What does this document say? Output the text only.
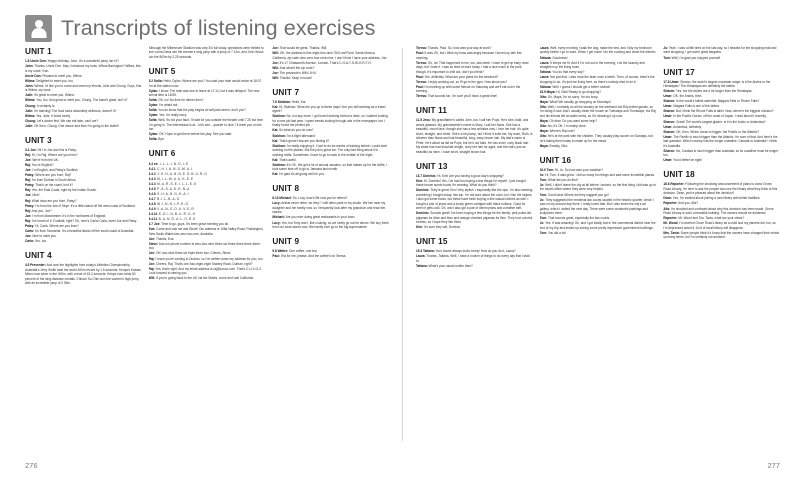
Transcripts of listening exercises
UNIT 1

1.6 Uncle Don: Happy birthday, John. It's a wonderful party, isn't it?

John: Thanks, Uncle Don. May I introduce my boss, Wilma Barrington? Wilma, this is my uncle, Don.

Uncle Don: Pleased to meet you, Wilma.

Wilma: Delighted to meet you, too.

John: Wilma, I'd like you to come and meet my friends, Julie and Chung. Guys, this is Wilma, my boss.

Julie: It's great to meet you, Wilma.

Wilma: You, too. And great to meet you, Chung. The band's great, isn't it?

Chung: It certainly is.

Julie: I'm starving! The food looks absolutely delicious, doesn't it?

Wilma: Yes, Julie. It looks lovely.

Chung: Let's dance first. We can eat later, can't we?

Julie: OK then, Chung. One dance and then I'm going to the buffet!

UNIT 3

3.4 Joe: Hi! I'm Joe and this is Patsy.

Raj: Hi, I'm Raj. Where are you from?

Joe: We're from the UK.

Raj: You're English?

Joe: I'm English, and Patsy's Scottish.

Patsy: Where are you from, Raj?

Raj: I'm from Durban in South Africa.

Patsy: That's on the coast, isn't it?

Raj: Yes, the East Coast, right by the Indian Ocean.

Joe: Nice!

Raj: What town are you from, Patsy?

Patsy: I'm from the Isle of Skye. It's a little island off the west coast of Scotland.

Raj: And you, Joe?

Joe: I'm from Manchester. It's in the northwest of England.

Raj: I've heard of it. Football, right? Oh, here's Carla! Carla, meet Joe and Patsy.

Patsy: Hi, Carla. Where are you from?

Carla: I'm from Tasmania. It's a beautiful island off the south coast of Australia.

Joe: Nice to meet you.

Carla: You, too.

UNIT 4

4.5 Presenter: And now the highlights from today's Athletics Championship. Australia's Jerry Smith beat the world 400m record by 1.5 seconds. Kenya's Kamau Mbuni won silver in the 400m, with a time of 43.4 seconds. Kenya now holds 50 percent of the long-distance medals. China's Su Chin won the women's high jump, with an incredible jump of 2.05m.

Although the Millennium Stadium was only 3/4 full today, spectators were thrilled to see Lorna Davis win the women's long jump with a jump of 7.12m, and John Wood win the 800m by 2.25 seconds.

UNIT 5

5.2 Sofia: Hello, Dylan. Where are you? You said your train would arrive at 18:07. I'm at the station now.

Dylan: I know. The train was due to leave at 17:14, but it was delayed. The new arrival time is 18:55.

Sofia: OK, no! No time for dinner then?

Dylan: I'm afraid not.

Sofia: You do know that the play begins at half past seven, don't you?

Dylan: Yes. I'm really sorry.

Sofia: Well, it's not your fault. I'll wait for you outside the theater until 7.25 but then I'm going in. The intermission's at... let's see... quarter to nine. I'll meet you on the bar.

Dylan: OK. Hope to get there before the play. See you later.

Sofia: Bye.

UNIT 6

6.4 ex: I-L-L-I-N-O-I-S

6.4.1 C-H-I-A-N-G-M-A-I

6.4.2 J-O-H-A-N-N-E-S-B-U-R-G

6.4.3 M-I-L-W-A-U-K-E-E

6.4.4 M-A-R-S-E-I-L-L-E-S

6.4.5 P-A-S-A-D-E-N-A

6.4.6 S-H-A-N-G-H-A-I

6.4.7 B-I-L-B-A-O

6.4.8 W-I-N-N-I-P-E-G

6.4.9 V-A-N-C-O-U-V-E-R

6.4.10 E-D-I-N-B-U-R-G-H

6.4.11 B-A-N-G-A-L-O-R-E

6.7 Joe: Time to go, guys. It's been great meeting you all.

Eva: Come and visit me and Steve! Our address is 108a Valley Road, Paddington, New South Wales two-zero-two-one, Australia.

Joe: Thanks, Eva.

Steve: And our phone number is zero-two-nine-three-six-three-three-three-three-two.

Joe: OK: two-nine-three-six triple three two. Cheers, Steve.

Raj: I know you're coming to Durban, so I've written down my address for you, too.

Joe: Cheers, Raj. That's one-four-eight-eight Stanley Road, Durban, right?

Raj: Yes, that's right. And my email address is raj@cuvox.com. That's C-U-V-O-X. Look forward to seeing you.

Will: If you're going back to the UK via the States, come and visit California.

Joe: That would be great. Thanks, Will.

Will: OK, the address is five-eight-four-nine Old Leaf Point, Santa Monica, California, zip code nine-zero-four-nine-nine. I don't think I have your address, Joe.

Joe: It's 17 Chatsworth Avenue, London. That's C-H-A-T-S-W-O-R-T-H.

Will: And what's the zip code?

Joe: The postcode's NW4 1HU.

Will: Thanks. Keep in touch!

UNIT 7

7.6 Siobhan: Hello, Kai.

Kai: Hi, Siobhan. What are you up to these days? Are you still working as a travel agent?

Siobhan: No, not any more. I got bored working behind a desk, so I started looking for a new job last year. I spent weeks looking through ads in the newspaper, but I finally found the perfect job.

Kai: So what do you do now?

Siobhan: I'm a flight attendant.

Kai: That's great! How are you finding it?

Siobhan: I'm really enjoying it. I had to do six weeks of training before I could start working on the planes. But the job is great fun. The only bad thing about it is working shifts. Sometimes I have to go to work in the middle of the night.

Kai: That's awful.

Siobhan: It's OK. We get a lot of annual vacation, so that makes up for the shifts. I took some time off to go to Jamaica last month.

Kai: I'm glad it's all going well for you.

UNIT 8

8.10 Michael: So, Lucy, how's life now you've retired?

Lucy: Artists never retire, do they? I still often paint in my studio. We live near my daughter and her family now, so I frequently look after my grandson and read him stories.

Michael: Are you ever doing great restaurants in your town.

Lucy: Yes, but Tony and I, like cooking, so we rarely go out for dinner. We buy fresh from our local stores now. We hardly ever go to the big supermarket.

UNIT 9

9.8 Waiter: One coffee, one tea.

Paul: Tea for me, please. And the coffee's for Teresa.

Teresa: Thanks, Paul. So, how was your day at work?

Paul: It was OK, but I think my boss was angry because I turned up late this morning.

Teresa: Oh, no! That happened to me, too, last week. I have to get up early most days, but I hate it. I was so tired at work today. I had a nice lunch in the park though. It's important to chill out, don't you think?

Paul: Yes, definitely. What are your plans for the weekend?

Teresa: I enjoy working out, so I'll go to the gym. How about you?

Paul: I'm meeting up with some friends on Saturday and we'll eat out in the evening.

Teresa: That sounds fun. I'm sure you'll have a great time!

UNIT 11

11.5 Jess: My grandfather's called John, but I call him Pops. He's slim, bald, and wears glasses. My grandmother's name is Mary. I call her Nana. She has a beautiful, round face, though she has a few wrinkles now. I love her hair. It's quite short, straight, and white. She's a bit plump, but I think it suits her. My mom, Ruth, is slimmer than Nana and has beautiful, long, wavy brown hair. My dad's name is Peter. He's about as tall as Pops, but he's not bald. He has short, curly black hair. My sister has had shoulder-length, curly red hair for ages, and the hair's just as beautiful as mine. I have short, straight brown hair.

UNIT 13

13.7 Dominic: Hi, Kim! Are you having a good day's shopping?

Kim: Hi, Dominic! Yes, I've had fun buying a few things for myself. I just bought these brown suede boots I'm wearing. What do you think?

Dominic: They're great, Kim! Very stylish. I especially like the zips. I'm also wearing something I bought today: this top. I'm not sure about the color, but I like the stripes. I also got some boots, but these have been buying a few casual clothes as well. I bought a pair of jeans and a lovely green cardigan with black buttons. Good for when it gets cold. Oh, and I also got a pair of denim jeans and a leather belt.

Dominic: Sounds great! I've been buying a few things for the family: pink polka dot pajamas for Alice and blue and orange checked pajamas for Ben. They love colorful clothes, so I hope they like them.

Kim: I'm sure they will, Dominic.

UNIT 15

15.3 Tatiana: Your house always looks lovely! How do you do it, Laura?

Laura: Thanks, Tatiana. Well, I have a routine of things to do every day that I stick to.

Tatiana: What's your usual routine then?

Laura: Well, every morning I walk the dog, make the bed, and I tidy my bedroom quickly before I go to work. When I get home I do the cooking and clean the kitchen.

Tatiana: Goodness!

Laura: It keeps me fit. And if I'm not out in the evening, I do the laundry and straighten up the living room.

Tatiana: You do that every day?

Laura: Not just that. I also mow the lawn once a week. Then, of course, there's the shopping to do. It's just me living here, so there's nobody else to do it.

Tatiana: Well, I guess I should get a better routine!

15.9 Maya: Hi, Gita! Ready to go shopping?

Gita: Oh, Maya, I'm so sorry. I'm too busy.

Maya: What! We usually go shopping on Mondays!

Gita: Well, I normally do all the laundry on the weekend but Raj invited guests, so I'm doing it now. And I usually clean the house on Tuesdays and Thursdays, but Raj and his friends left an awful mess, so I'm cleaning it up now.

Maya: Oh dear. Do you want some help?

Gita: No, it's OK. I'm nearly done.

Maya: Where's Raj now?

Gita: He's at the park with the children. They usually play soccer on Sundays, but he's taking them today to make up for the mess!

Maya: Exactly, Gita.

UNIT 16

16.9 Tom: Hi, Jo. So how was your vacation?

Jo: Hi, Tom. It was great. I did so many fun things and saw some incredible places.

Tom: What did you do first?

Jo: Well, I didn't leave the city at all before I arrived, so the first thing I did was go to the tourist office where they were very helpful.

Tom: Good idea! Where did they suggest you go?

Jo: They suggested the medieval law courts located in the historic quarter, which I saw on my second day there. I really loved that. But I also loved the city's art gallery, which I visited the next day. There were some wonderful paintings and sculptures there.

Tom: That sounds great, especially the law courts.

Jo: Yes. It was amazing! Oh, and I got totally lost in the commercial district near the end of my trip and ended up seeing some pretty impressive government buildings.

Tom: You did a lot!

Jo: Yeah. I was a little tired on the last day, so I headed for the shopping mall and went shopping. I got some great bargains.

Tom: Well, I'm glad you enjoyed yourself.

UNIT 17

17.8 Umar: Sharon, the world's largest mountain range: is it the Andes or the Himalayas? The Himalayas are definitely the tallest.

Sharon: Yes, but the Andes are a lot longer than the Himalayas.

Umar: OK, the Andes, then.

Sharon: Is the world's tallest waterfall: Niagara Falls or Rhone Falls?

Umar: Niagara Falls is one of the tallest.

Sharon: But I think the Rhone Falls is taller. Now, where's the biggest volcano?

Umar: In the Pacific Ocean, off the coast of Japan. I read about it recently.

Sharon: Great! The world's largest glacier: is it in the Arctic or Antarctica?

Umar: Antarctica, definitely.

Sharon: OK, then. Which ocean is bigger: the Pacific or the Atlantic?

Umar: The Pacific is much bigger than the Atlantic. I'm sure of that. And here's the last question: Which country has the longer coastline: Canada or Australia? I think it's Australia.

Sharon: No, Canada is much bigger than Australia, so its coastline must be longer, too.

Umar: You'd better be right!

UNIT 18

18.6 Reporter: Following the shocking announcement of plans to close Grove Road Library, I'm here to ask the people who use the library what they think of this decision. Dean, you're pleased about the decision?

Dean: Yes, I'm excited about joining a new library with better facilities.

Reporter: And you, Alis?

Alis: I'm shocked and confused about why this decision has been made. Grove Road Library is such a beautiful building. The owners should be ashamed.

Reporter: Mr. Wood and Sra. Tania, what are your views?

Mr. Wood: I'm worried Grove Road Library as a child and my parents did, too, so I'm depressed about it. A lot of local history will disappear.

Mrs. Tania: Some people think it's funny that the owners have changed their minds so many times, but I'm certainly not amused.

276	277
